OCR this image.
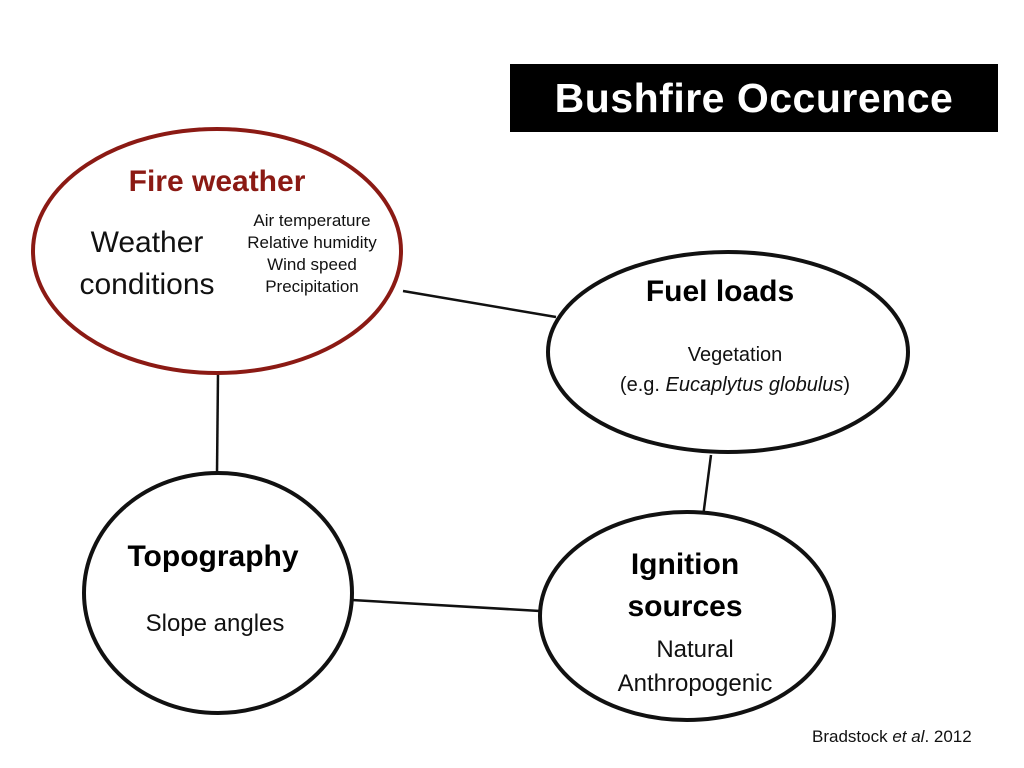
Bushfire Occurence
Fire weather
Weather
conditions
Air temperature
Relative humidity
Wind speed
Precipitation	Fuel loads
Vegetation
(e.g. Eucaplytus globulus)
Topography
Slope angles
Ignition
sources
Natural
Anthropogenic
Bradstock et al. 2012
